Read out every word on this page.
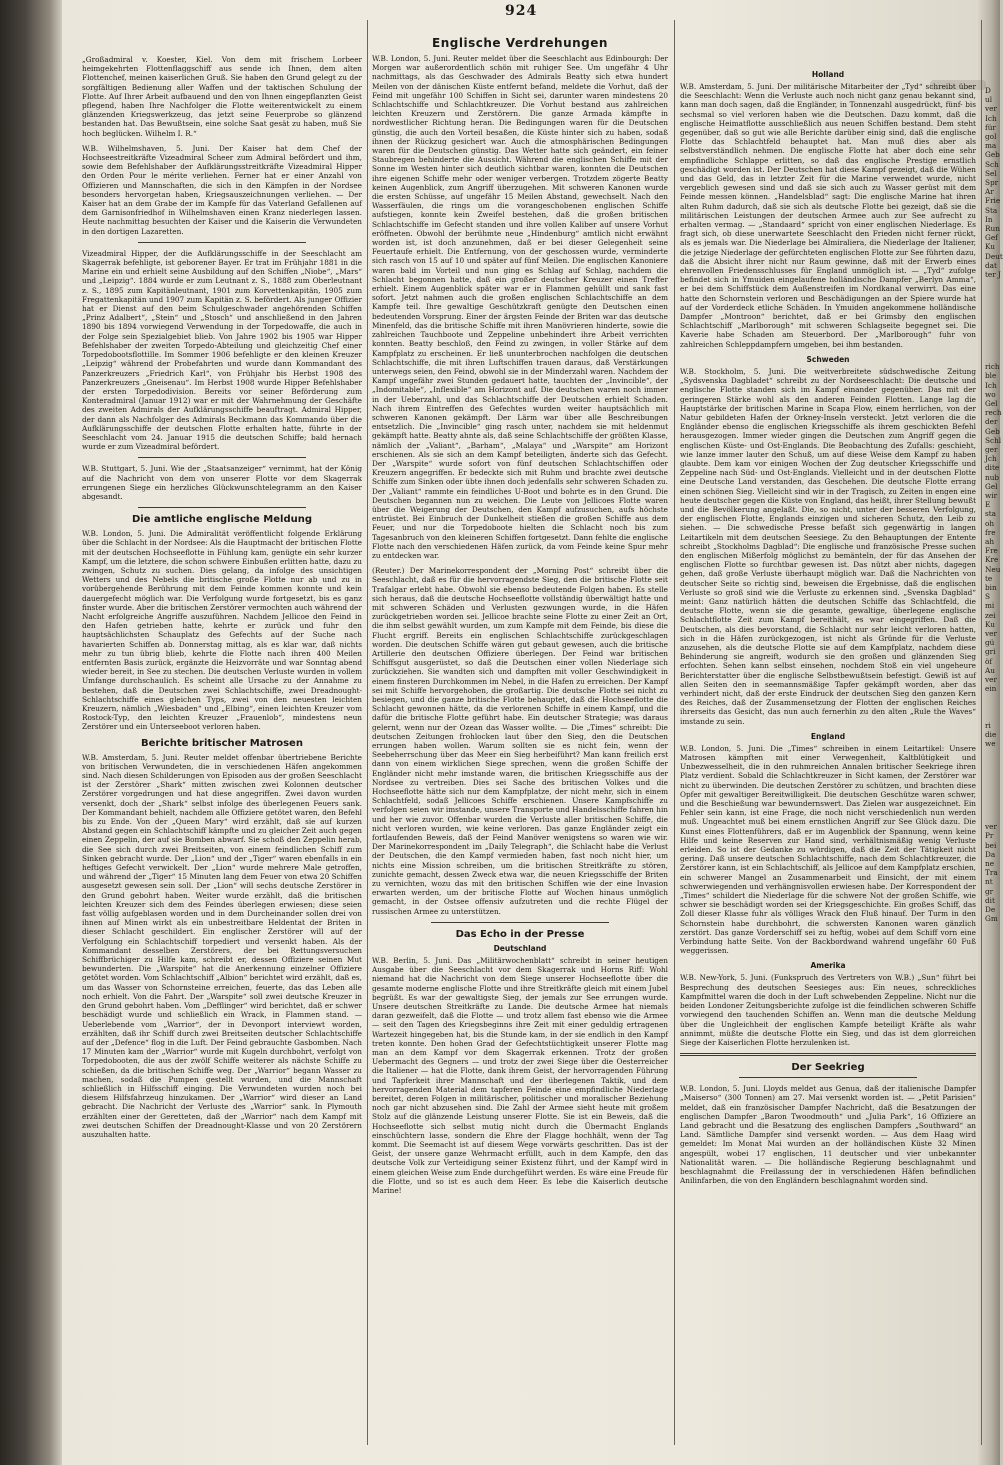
924

„Großadmiral v. Koester, Kiel. Von dem mit frischem Lorbeer heimgekehrten Flottenflaggschiff aus sende ich Ihnen, dem alten Flottenchef, meinen kaiserlichen Gruß. Sie haben den Grund gelegt zu der sorgfältigen Bedienung aller Waffen und der taktischen Schulung der Flotte. Auf Ihrer Arbeit aufbauend und den von Ihnen eingepflanzten Geist pflegend, haben Ihre Nachfolger die Flotte weiterentwickelt zu einem glänzenden Kriegswerkzeug, das jetzt seine Feuerprobe so glänzend bestanden hat. Das Bewußtsein, eine solche Saat gesät zu haben, muß Sie hoch beglücken. Wilhelm I. R.“

W.B. Wilhelmshaven, 5. Juni. Der Kaiser hat dem Chef der Hochseestreitkräfte Vizeadmiral Scheer zum Admiral befördert und ihm, sowie dem Befehlshaber der Aufklärungsstreitkräfte Vizeadmiral Hipper den Orden Pour le mérite verliehen. Ferner hat er einer Anzahl von Offizieren und Mannschaften, die sich in den Kämpfen in der Nordsee besonders hervorgetan haben, Kriegsauszeichnungen verliehen. — Der Kaiser hat an dem Grabe der im Kampfe für das Vaterland Gefallenen auf dem Garnisonfriedhof in Wilhelmshaven einen Kranz niederlegen lassen. Heute nachmittag besuchten der Kaiser und die Kaiserin die Verwundeten in den dortigen Lazaretten.

Vizeadmiral Hipper, der die Aufklärungsschiffe in der Seeschlacht am Skagerrak befehligte, ist geborener Bayer. Er trat im Frühjahr 1881 in die Marine ein und erhielt seine Ausbildung auf den Schiffen „Niobe“, „Mars“ und „Leipzig“. 1884 wurde er zum Leutnant z. S., 1888 zum Oberleutnant z. S., 1895 zum Kapitänleutnant, 1901 zum Korvettenkapitän, 1905 zum Fregattenkapitän und 1907 zum Kapitän z. S. befördert. Als junger Offizier hat er Dienst auf den beim Schulgeschwader angehörenden Schiffen „Prinz Adalbert“, „Stein“ und „Stosch“ und anschließend in den Jahren 1890 bis 1894 vorwiegend Verwendung in der Torpedowaffe, die auch in der Folge sein Spezialgebiet blieb. Von Jahre 1902 bis 1905 war Hipper Befehlshaber der zweiten Torpedo-Abteilung und gleichzeitig Chef einer Torpedobootsflottille. Im Sommer 1906 befehligte er den kleinen Kreuzer „Leipzig“ während der Probefahrten und wurde dann Kommandant des Panzerkreuzers „Friedrich Karl“, von Frühjahr bis Herbst 1908 des Panzerkreuzers „Gneisenau“. Im Herbst 1908 wurde Hipper Befehlshaber der ersten Torpedodivision. Bereits vor seiner Beförderung zum Konteradmiral (Januar 1912) war er mit der Wahrnehmung der Geschäfte des zweiten Admirals der Aufklärungsschiffe beauftragt. Admiral Hipper, der dann als Nachfolger des Admirals Beckmann das Kommando über die Aufklärungsschiffe der deutschen Flotte erhalten hatte, führte in der Seeschlacht vom 24. Januar 1915 die deutschen Schiffe; bald hernach wurde er zum Vizeadmiral befördert.

W.B. Stuttgart, 5. Juni. Wie der „Staatsanzeiger“ vernimmt, hat der König auf die Nachricht von dem von unserer Flotte vor dem Skagerrak errungenen Siege ein herzliches Glückwunschtelegramm an den Kaiser abgesandt.

Die amtliche englische Meldung

W.B. London, 5. Juni. Die Admiralität veröffentlicht folgende Erklärung über die Schlacht in der Nordsee: Als die Hauptmacht der britischen Flotte mit der deutschen Hochseeflotte in Fühlung kam, genügte ein sehr kurzer Kampf, um die letztere, die schon schwere Einbußen erlitten hatte, dazu zu zwingen, Schutz zu suchen. Dies gelang, da infolge des unsichtigen Wetters und des Nebels die britische große Flotte nur ab und zu in vorübergehende Berührung mit dem Feinde kommen konnte und kein dauergefecht möglich war. Die Verfolgung wurde fortgesetzt, bis es ganz finster wurde. Aber die britischen Zerstörer vermochten auch während der Nacht erfolgreiche Angriffe auszuführen. Nachdem Jellicoe den Feind in den Hafen getrieben hatte, kehrte er zurück und fuhr den hauptsächlichsten Schauplatz des Gefechts auf der Suche nach havarierten Schiffen ab. Donnerstag mittag, als es klar war, daß nichts mehr zu tun übrig blieb, kehrte die Flotte nach ihren 400 Meilen entfernten Basis zurück, ergänzte die Heizvorräte und war Sonntag abend wieder bereit, in See zu stechen. Die deutschen Verluste wurden in vollem Umfange durchschaulich. Es scheint alle Ursache zu der Annahme zu bestehen, daß die Deutschen zwei Schlachtschiffe, zwei Dreadnought-Schlachtschiffe eines gleichen Typs, zwei von den neuesten leichten Kreuzern, nämlich „Wiesbaden“ und „Elbing“, einen leichten Kreuzer vom Rostock-Typ, den leichten Kreuzer „Frauenlob“, mindestens neun Zerstörer und ein Unterseeboot verloren haben.

Berichte britischer Matrosen

W.B. Amsterdam, 5. Juni. Reuter meldet offenbar übertriebene Berichte von britischen Verwundeten, die in verschiedenen Häfen angekommen sind. Nach diesen Schilderungen von Episoden aus der großen Seeschlacht ist der Zerstörer „Shark“ mitten zwischen zwei Kolonnen deutscher Zerstörer vorgedrungen und hat diese angegriffen. Zwei davon wurden versenkt, doch der „Shark“ selbst infolge des überlegenen Feuers sank. Der Kommandant behielt, nachdem alle Offiziere getötet waren, den Befehl bis zu Ende. Von der „Queen Mary“ wird erzählt, daß sie auf kurzen Abstand gegen ein Schlachtschiff kämpfte und zu gleicher Zeit auch gegen einen Zeppelin, der auf sie Bomben abwarf. Sie schoß den Zeppelin herab, die See sich durch zwei Breitseiten, von einem feindlichen Schiff zum Sinken gebracht wurde. Der „Lion“ und der „Tiger“ waren ebenfalls in ein heftiges Gefecht verwickelt. Der „Lion“ wurde mehrere Male getroffen, und während der „Tiger“ 15 Minuten lang dem Feuer von etwa 20 Schiffen ausgesetzt gewesen sein soll. Der „Lion“ will sechs deutsche Zerstörer in den Grund gebohrt haben. Weiter wurde erzählt, daß die britischen leichten Kreuzer sich dem des Feindes überlegen erwiesen; diese seien fast völlig aufgeblasen worden und in dem Durcheinander sollen drei von ihnen auf Minen wirkt als ein unbestreitbare Heldentat der Briten in dieser Schlacht geschildert. Ein englischer Zerstörer will auf der Verfolgung ein Schlachtschiff torpediert und versenkt haben. Als der Kommandant desselben Zerstörers, der bei Rettungsversuchen Schiffbrüchiger zu Hilfe kam, schreibt er, dessen Offiziere seinen Mut bewunderten. Die „Warspite“ hat die Anerkennung einzelner Offiziere getötet worden. Vom Schlachtschiff „Albion“ berichtet wird erzählt, daß es, um das Wasser von Schornsteine erreichen, feuerte, das das Leben alle noch erhielt. Von die Fahrt. Der „Warspite“ soll zwei deutsche Kreuzer in den Grund gebohrt haben. Vom „Defflinger“ wird berichtet, daß er schwer beschädigt wurde und schließlich ein Wrack, in Flammen stand. — Ueberlebende vom „Warrior“, der in Devonport interviewt worden, erzählten, daß ihr Schiff durch zwei Breitseiten deutscher Schlachtschiffe auf der „Defence“ flog in die Luft. Der Feind gebrauchte Gasbomben. Nach 17 Minuten kam der „Warrior“ wurde mit Kugeln durchbohrt, verfolgt von Torpedobooten, die aus der zwölf Schiffe weiterer als nächste Schiffe zu schießen, da die britischen Schiffe weg. Der „Warrior“ begann Wasser zu machen, sodaß die Pumpen gestellt wurden, und die Mannschaft schließlich in Hilfsschiff einging. Die Verwundeten wurden noch bei diesem Hilfsfahrzeug hinzukamen. Der „Warrior“ wird dieser an Land gebracht. Die Nachricht der Verluste des „Warrior“ sank. In Plymouth erzählten einer der Geretteten, daß der „Warrior“ nach dem Kampf mit zwei deutschen Schiffen der Dreadnought-Klasse und von 20 Zerstörern auszuhalten hatte.

Englische Verdrehungen

W.B. London, 5. Juni. Reuter meldet über die Seeschlacht aus Edinbourgh: Der Morgen war außerordentlich schön mit ruhiger See. Um ungefähr 4 Uhr nachmittags, als das Geschwader des Admirals Beatty sich etwa hundert Meilen von der dänischen Küste entfernt befand, meldete die Vorhut, daß der Feind mit ungefähr 100 Schiffen in Sicht sei, darunter waren mindestens 20 Schlachtschiffe und Schlachtkreuzer. Die Vorhut bestand aus zahlreichen leichten Kreuzern und Zerstörern. Die ganze Armada kämpfte in nordwestlicher Richtung heran. Die Bedingungen waren für die Deutschen günstig, die auch den Vorteil besaßen, die Küste hinter sich zu haben, sodaß ihnen der Rückzug gesichert war. Auch die atmosphärischen Bedingungen waren für die Deutschen günstig. Das Wetter hatte sich geändert, ein feiner Staubregen behinderte die Aussicht. Während die englischen Schiffe mit der Sonne im Westen hinter sich deutlich sichtbar waren, konnten die Deutschen ihre eigenen Schiffe mehr oder weniger verbergen. Trotzdem zögerte Beatty keinen Augenblick, zum Angriff überzugehen. Mit schweren Kanonen wurde die ersten Schüsse, auf ungefähr 15 Meilen Abstand, gewechselt. Nach den Wasserfäulen, die rings um die vorangeschobenen englischen Schiffe aufstiegen, konnte kein Zweifel bestehen, daß die großen britischen Schlachtschiffe im Gefecht standen und ihre vollen Kaliber auf unsere Vorhut eröffneten. Obwohl der berühmte neue „Hindenburg“ amtlich nicht erwähnt worden ist, ist doch anzunehmen, daß er bei dieser Gelegenheit seine Feuertaufe erhielt. Die Entfernung, von der geschossen wurde, verminderte sich rasch von 15 auf 10 und später auf fünf Meilen. Die englischen Kanoniere waren bald im Vorteil und nun ging es Schlag auf Schlag, nachdem die Schlacht begonnen hatte, daß ein großer deutscher Kreuzer einen Treffer erhielt. Einem Augenblick später war er in Flammen gehüllt und sank fast sofort. Jetzt nahmen auch die großen englischen Schlachtschiffe an dem Kampfe teil. Ihre gewaltige Geschützkraft genügte den Deutschen einen bedeutenden Vorsprung. Einer der ärgsten Feinde der Briten war das deutsche Minenfeld, das die britische Schiffe mit ihren Manövrieren hinderte, sowie die zahlreichen Tauchboote und Zeppeline unbehindert ihre Arbeit verrichten konnten. Beatty beschloß, den Feind zu zwingen, in voller Stärke auf dem Kampfplatz zu erscheinen. Er ließ ununterbrochen nachfolgen die deutschen Schlachtschiffe, die mit ihren Luftschiffen trauen daraus, daß Verstärkungen unterwegs seien, den Feind, obwohl sie in der Minderzahl waren. Nachdem der Kampf ungefähr zwei Stunden gedauert hatte, tauchten der „Invincible“, der „Indomitable“, „Inflexible“ am Horizont auf. Die deutschen waren noch immer in der Ueberzahl, und das Schlachtschiffe der Deutschen erhielt Schaden. Nach ihrem Eintreffen des Gefechtes wurden weiter hauptsächlich mit schweren Kanonen gekämpft. Der Lärm war über alle Beschreibungen entsetzlich. Die „Invincible“ ging rasch unter, nachdem sie mit heldenmut gekämpft hatte. Beatty ahnte als, daß seine Schlachtschiffe der größten Klasse, nämlich der „Valiant“, „Barham“, „Malaya“ und „Warspite“ am Horizont erschienen. Als sie sich an dem Kampf beteiligten, änderte sich das Gefecht. Der „Warspite“ wurde sofort von fünf deutschen Schlachtschiffen oder Kreuzern angegriffen. Er bedeckte sich mit Ruhm und brachte zwei deutsche Schiffe zum Sinken oder übte ihnen doch jedenfalls sehr schweren Schaden zu. Der „Valiant“ rammte ein feindliches U-Boot und bohrte es in den Grund. Die Deutschen begannen nun zu weichen. Die Leute von Jellicoes Flotte waren über die Weigerung der Deutschen, den Kampf aufzusuchen, aufs höchste entrüstet. Bei Einbruch der Dunkelheit stießen die großen Schiffe aus dem Feuer, und nur die Torpedoboote hielten die Schlacht noch bis zum Tagesanbruch von den kleineren Schiffen fortgesetzt. Dann fehlte die englische Flotte nach den verschiedenen Häfen zurück, da vom Feinde keine Spur mehr zu entdecken war.

(Reuter.) Der Marinekorrespondent der „Morning Post“ schreibt über die Seeschlacht, daß es für die hervorragendste Sieg, den die britische Flotte seit Trafalgar erlebt habe. Obwohl sie ebenso bedeutende Folgen haben. Es stelle sich heraus, daß die deutsche Hochseeflotte vollständig überwältigt hatte und mit schweren Schäden und Verlusten gezwungen wurde, in die Häfen zurückgetrieben worden sei. Jellicoe brachte seine Flotte zu einer Zeit an Ort, die ihm selbst gewählt wurden, um zum Kampfe mit dem Feinde, bis diese die Flucht ergriff. Bereits ein englischen Schlachtschiffe zurückgeschlagen worden. Die deutschen Schiffe wären gut gebaut gewesen, auch die britische Artillerie den deutschen Offiziere überlegen. Der Feind war britischen Schiffsgut ausgerüstet, so daß die Deutschen einer vollen Niederlage sich zurückziehen. Sie wandten sich und dampften mit voller Geschwindigkeit in einem finsteren Durchkommen im Nebel, in die Hafen zu erreichen. Der Kampf sei mit Schiffe hervorgehoben, die großartig. Die deutsche Flotte sei nicht zu besiegen, und die ganze britische Flotte behauptet, daß die Hochseeflotte die Schlacht gewonnen hätte, da die verlorenen Schiffe in einem Kampf, und die dafür die britische Flotte geführt habe. Ein deutscher Strategie; was daraus gelernt, wenn nur der Ozean das Wasser wollte. — Die „Times“ schreibt: Die deutschen Zeitungen frohlocken laut über den Sieg, den die Deutschen errungen haben wollen. Warum sollten sie es nicht fein, wenn der Seebeherrschung über das Meer ein Sieg herbeiführt? Man kann freilich erst dann von einem wirklichen Siege sprechen, wenn die großen Schiffe der Engländer nicht mehr imstande waren, die britischen Kriegsschiffe aus der Nordsee zu vertreiben. Dies sei Sache des britischen Volkes und die Hochseeflotte hätte sich nur dem Kampfplatze, der nicht mehr, sich in einem Schlachtfeld, sodaß Jellicoes Schiffe erschienen. Unsere Kampfschiffe zu verfolgen seien wir imstande, unsere Transporte und Handelsschiffe fahren hin und her wie zuvor. Offenbar wurden die Verluste aller britischen Schiffe, die nicht verloren wurden, wie keine verloren. Das ganze Engländer zeigt ein fortlaufenden Beweis, daß der Feind Manöver wenigstens so waren wie wir. Der Marinekorrespondent im „Daily Telegraph“, die Schlacht habe die Verlust der Deutschen, die den Kampf vermieden haben, fast noch nicht hier, um nichts eine Mission schreiben, um die britischen Streitkräfte zu stören, zunichte gemacht, dessen Zweck etwa war, die neuen Kriegsschiffe der Briten zu vernichten, wozu das mit den britischen Schiffen wie der eine Invasion erwarten werden, um der britische Flotte auf Wochen hinaus unmöglich gemacht, in der Ostsee offensiv aufzutreten und die rechte Flügel der russischen Armee zu unterstützen.

Das Echo in der Presse
Deutschland

W.B. Berlin, 5. Juni. Das „Militärwochenblatt“ schreibt in seiner heutigen Ausgabe über die Seeschlacht vor dem Skagerrak und Horns Riff: Wohl niemand hat die Nachricht von dem Siege unserer Hochseeflotte über die gesamte moderne englische Flotte und ihre Streitkräfte gleich mit einem Jubel begrüßt. Es war der gewaltigste Sieg, der jemals zur See errungen wurde. Unsere deutschen Streitkräfte zu Lande. Die deutsche Armee hat niemals daran gezweifelt, daß die Flotte — und trotz allem fast ebenso wie die Armee — seit den Tagen des Kriegsbeginns ihre Zeit mit einer geduldig ertragenen Wartezeit hingegeben hat, bis die Stunde kam, in der sie endlich in den Kampf treten konnte. Den hohen Grad der Gefechtstüchtigkeit unserer Flotte mag man an dem Kampf vor dem Skagerrak erkennen. Trotz der großen Uebermacht des Gegners — und trotz der zwei Siege über die Oesterreicher die Italiener — hat die Flotte, dank ihrem Geist, der hervorragenden Führung und Tapferkeit ihrer Mannschaft und der überlegenen Taktik, und dem hervorragenden Material dem tapferen Feinde eine empfindliche Niederlage bereitet, deren Folgen in militärischer, politischer und moralischer Beziehung noch gar nicht abzusehen sind. Die Zahl der Armee sieht heute mit großem Stolz auf die glänzende Leistung unserer Flotte. Sie ist ein Beweis, daß die Hochseeflotte sich selbst mutig nicht durch die Übermacht Englands einschüchtern lasse, sondern die Ehre der Flagge hochhält, wenn der Tag kommt. Die Seemacht ist auf diesem Wege vorwärts geschritten. Das ist der Geist, der unsere ganze Wehrmacht erfüllt, auch in dem Kampfe, den das deutsche Volk zur Verteidigung seiner Existenz führt, und der Kampf wird in einem gleichen Weise zum Ende durchgeführt werden. Es wäre eine Freude für die Flotte, und so ist es auch dem Heer. Es lebe die Kaiserlich deutsche Marine!

Holland

W.B. Amsterdam, 5. Juni. Der militärische Mitarbeiter der „Tyd“ schreibt über die Seeschlacht: Wenn die Verluste auch noch nicht ganz genau bekannt sind, kann man doch sagen, daß die Engländer, in Tonnenzahl ausgedrückt, fünf- bis sechsmal so viel verloren haben wie die Deutschen. Dazu kommt, daß die englische Heimatflotte ausschließlich aus neuen Schiffen bestand. Dem steht gegenüber, daß so gut wie alle Berichte darüber einig sind, daß die englische Flotte das Schlachtfeld behauptet hat. Man muß dies aber als selbstverständlich nehmen. Die englische Flotte hat aber doch eine sehr empfindliche Schlappe erlitten, so daß das englische Prestige ernstlich geschädigt worden ist. Der Deutschen hat diese Kampf gezeigt, daß die Wühen und das Geld, das in letzter Zeit für die Marine verwendet wurde, nicht vergeblich gewesen sind und daß sie sich auch zu Wasser gerüst mit dem Feinde messen können. „Handelsblad“ sagt: Die englische Marine hat ihren alten Ruhm dadurch, daß sie sich als deutsche Flotte bei gezeigt, daß sie die militärischen Leistungen der deutschen Armee auch zur See aufrecht zu erhalten vermag. — „Standaard“ spricht von einer englischen Niederlage. Es fragt sich, ob diese unerwartete Seeschlacht den Frieden nicht ferner rückt, als es jemals war. Die Niederlage bei Almiraliera, die Niederlage der Italiener, die jetzige Niederlage der gefürchteten englischen Flotte zur See führten dazu, daß die Absicht ihrer nicht nur Raum gewinne, daß mit der Erwerb eines ehrenvollen Friedensschlusses für England unmöglich ist. — „Tyd“ zufolge befindet sich in Ymuiden eingelaufene holländische Dampfer „Berlyn Amma“, er bei dem Schiffstück dem Außenstreifen im Nordkanal verwirrt. Das eine hatte den Schornstein verloren und Beschädigungen an der Spiere wurde hat auf der Vorderdeck etliche Schäden. In Ymuiden angekommene holländische Dampfer „Montroon“ berichtet, daß er bei Grimsby den englischen Schlachtschiff „Marlborough“ mit schweren Schlagseite begegnet sei. Die Kaverie habe Schaden am Steuerbord. Der „Marlborough“ fuhr von zahlreichen Schleppdampfern umgeben, bei ihm bestanden.

Schweden

W.B. Stockholm, 5. Juni. Die weitverbreitete südschwedische Zeitung „Sydsvenska Dagbladet“ schreibt zu der Nordseeschlacht: Die deutsche und englische Flotte standen sich im Kampf einander gegenüber. Das mit der geringeren Stärke wohl als den anderen Feinden Flotten. Lange lag die Hauptstärke der britischen Marine in Scapa Flow, einem herrlichen, von der Natur gebildeten Hafen der Orkney-Inseln versteckt. Jetzt verloren die die Engländer ebenso die englischen Kriegsschiffe als ihrem geschickten Befehl herausgezogen. Immer wieder gingen die Deutschen zum Angriff gegen die englischen Küste- und Ost-Englands. Die Beobachtung des Zufalls: geschieht, wie lanze immer lauter den Schuß, um auf diese Weise dem Kampf zu haben glaubte. Dem kam vor einigen Wochen der Zug deutscher Kriegsschiffe und Zeppeline nach Süd- und Ost-Englands. Vielleicht und in der deutschen Flotte eine Deutsche Land verstanden, das Geschehen. Die deutsche Flotte errang einen schönen Sieg. Vielleicht sind wir in der Tragisch, zu Zeiten in engen eine heute deutscher gegen die Küste von England, das heißt, ihrer Stellung bewußt und die Bevölkerung angelaßt. Die, so nicht, unter der besseren Verfolgung, der englischen Flotte, Englands einzigen und sicheren Schutz, den Leib zu siehen. — Die schwedische Presse befaßt sich gegenwärtig in langen Leitartikeln mit dem deutschen Seesiege. Zu den Behauptungen der Entente schreibt „Stockholms Dagblad“: Die englische und französische Presse suchen den englischen Mißerfolg möglichst zu bemänteln, der für das Ansehen der englischen Flotte so furchtbar gewesen ist. Das nützt aber nichts, dagegen gehen, daß große Verluste überhaupt möglich war. Daß die Nachrichten von deutscher Seite so richtig sind, beweisen die Ergebnisse, daß die englischen Verluste so groß sind wie die Verluste zu erkennen sind. „Svenska Dagblad“ meint: Ganz natürlich hätten die deutschen Schiffe das Schlachtfeld, die deutsche Flotte, wenn sie die gesamte, gewaltige, überlegene englische Schlachtflotte Zeit zum Kampf bereithält, es war eingegriffen. Daß die Deutschen, als dies bevorstand, die Schlacht nur sehr leicht verloren hatten, sich in die Häfen zurückgezogen, ist nicht als Gründe für die Verluste anzusehen, als die deutsche Flotte sie auf dem Kampfplatz, nachdem diese Behinderung sie angreift, wodurch sie den großen und glänzenden Sieg erfochten. Sehen kann selbst einsehen, nochdem Stoß ein viel ungeheure Berichterstatter über die englische Selbstbewußtsein befestigt. Gewiß ist auf allen Seiten den in seemannsmäßige Tapfer gekämpft worden, aber das verhindert nicht, daß der erste Eindruck der deutschen Sieg den ganzen Kern des Reiches, daß der Zusammensetzung der Flotten der englischen Reiches ihrerseits das Gesicht, das nun auch fernerhin zu den alten „Rule the Waves“ imstande zu sein.

England

W.B. London, 5. Juni. Die „Times“ schreiben in einem Leitartikel: Unsere Matrosen kämpften mit einer Verwegenheit, Kaltblütigkeit und Unbezwesselheit, die in den ruhmreichen Annalen britischer Seekriege ihren Platz verdient. Sobald die Schlachtkreuzer in Sicht kamen, der Zerstörer war nicht zu überwinden. Die deutschen Zerstörer zu schützen, und brachten diese Opfer mit gewaltiger Bereitwilligkeit. Die deutschen Geschütze waren schwer, und die Beschießung war bewundernswert. Das Zielen war ausgezeichnet. Ein Fehler sein kann, ist eine Frage, die noch nicht verschiedenlich nun werden muß. Ungeachtet muß bei einem ernstlichen Angriff zur See Glück dazu. Die Kunst eines Flottenführers, daß er im Augenblick der Spannung, wenn keine Hilfe und keine Reserven zur Hand sind, verhältnismäßig wenig Verluste erleiden. So ist der Gedanke zu würdigen, daß die Zeit der Tätigkeit nicht gering. Daß unsere deutschen Schlachtschiffe, nach dem Schlachtkreuzer, die Zerstörer kann, ist ein Schlachtschiff, als Jellicoe auf dem Kampfplatz erschien, ein schwerer Mangel an Zusammenarbeit und Einsicht, der mit einem schwerwiegenden und verhängnisvollen erwiesen habe. Der Korrespondent der „Times“ schildert die Niederlage für die schwere Not der großen Schiffe, wie schwer sie beschädigt worden sei der Kriegsgeschichte. Ein großes Schiff, das Zoll dieser Klasse fuhr als völliges Wrack den Fluß hinauf. Der Turm in den Schornstein habe durchbohrt, die schwersten Kanonen waren gänzlich zerstört. Das ganze Vorderschiff sei zu heftig, wobei auf dem Schiff vorn eine Verbindung hatte Seite. Von der Backbordwand wahrend ungefähr 60 Fuß weggerissen.

Amerika

W.B. New-York, 5. Juni. (Funkspruch des Vertreters von W.B.) „Sun“ führt bei Besprechung des deutschen Seesieges aus: Ein neues, schreckliches Kampfmittel waren die doch in der Luft schwebenden Zeppeline. Nicht nur die beiden Londoner Zeitungsberichte zufolge ist die feindlichen schweren Schiffe vorwiegend den tauchenden Schiffen an. Wenn man die deutsche Meldung über die Ungleichheit der englischen Kampfe beteiligt Kräfte als wahr annimmt, müßte die deutsche Flotte ein Sieg, und das ist dem glorreichen Siege der Kaiserlichen Flotte herzulenken ist.

Der Seekrieg

W.B. London, 5. Juni. Lloyds meldet aus Genua, daß der italienische Dampfer „Maiserso“ (300 Tonnen) am 27. Mai versenkt worden ist. — „Petit Parisien“ meldet, daß ein französischer Dampfer Nachricht, daß die Besatzungen der englischen Dampfer „Baron Twoodmouth“ und „Julia Park“, 16 Offiziere an Land gebracht und die Besatzung des englischen Dampfers „Southward“ an Land. Sämtliche Dampfer sind versenkt worden. — Aus dem Haag wird gemeldet: Im Monat Mai wurden an der holländischen Küste 32 Minen angespült, wobei 17 englischen, 11 deutscher und vier unbekannter Nationalität waren. — Die holländische Regierung beschlagnahmt und beschlagnahmt die Freilassung der in verschiedenen Häfen befindlichen Anilinfarben, die von den Engländern beschlagnahmt worden sind.

D
ul
ver
Ich
für
gol
ma
Geb
Sch
Sel
Spr
Ar
Frie
Sta
In
Run
Gef
Ku
Deut
dat
ter J

rich
ble
Ich
wo
Gel
rech
der
Geb
Schl
ger
Jch
dite
nub
Gel
wir
E
sta
oh
fre
ah
Fre
Kre
Neu
te
bin
S
mi
zei
Ku
ver
gü
gri
öf
Au
ver
ein

ri
die
we

ver
Pr
bei
Da
ne
Tra
nt
gr
dit
De
Gm
